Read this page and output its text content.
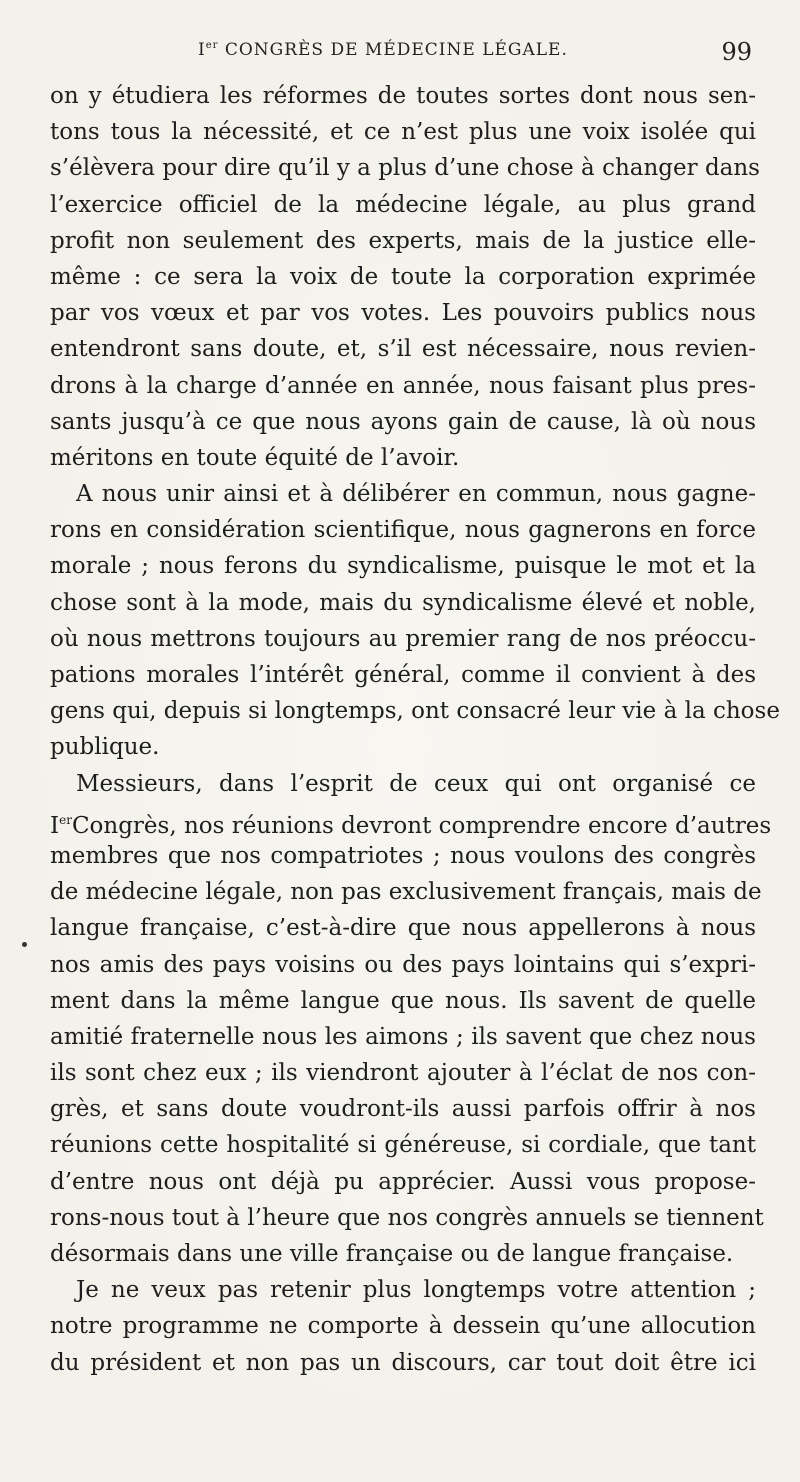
Ier CONGRÈS DE MÉDECINE LÉGALE.	99
on y étudiera les réformes de toutes sortes dont nous sen-
tons tous la nécessité, et ce n’est plus une voix isolée qui
s’élèvera pour dire qu’il y a plus d’une chose à changer dans
l’exercice officiel de la médecine légale, au plus grand
profit non seulement des experts, mais de la justice elle-
même : ce sera la voix de toute la corporation exprimée
par vos vœux et par vos votes. Les pouvoirs publics nous
entendront sans doute, et, s’il est nécessaire, nous revien-
drons à la charge d’année en année, nous faisant plus pres-
sants jusqu’à ce que nous ayons gain de cause, là où nous
méritons en toute équité de l’avoir.
A nous unir ainsi et à délibérer en commun, nous gagne-
rons en considération scientifique, nous gagnerons en force
morale ; nous ferons du syndicalisme, puisque le mot et la
chose sont à la mode, mais du syndicalisme élevé et noble,
où nous mettrons toujours au premier rang de nos préoccu-
pations morales l’intérêt général, comme il convient à des
gens qui, depuis si longtemps, ont consacré leur vie à la chose
publique.
Messieurs, dans l’esprit de ceux qui ont organisé ce
IerCongrès, nos réunions devront comprendre encore d’autres
membres que nos compatriotes ; nous voulons des congrès
de médecine légale, non pas exclusivement français, mais de
langue française, c’est-à-dire que nous appellerons à nous
nos amis des pays voisins ou des pays lointains qui s’expri-
ment dans la même langue que nous. Ils savent de quelle
amitié fraternelle nous les aimons ; ils savent que chez nous
ils sont chez eux ; ils viendront ajouter à l’éclat de nos con-
grès, et sans doute voudront-ils aussi parfois offrir à nos
réunions cette hospitalité si généreuse, si cordiale, que tant
d’entre nous ont déjà pu apprécier. Aussi vous propose-
rons-nous tout à l’heure que nos congrès annuels se tiennent
désormais dans une ville française ou de langue française.
Je ne veux pas retenir plus longtemps votre attention ;
notre programme ne comporte à dessein qu’une allocution
du président et non pas un discours, car tout doit être ici
